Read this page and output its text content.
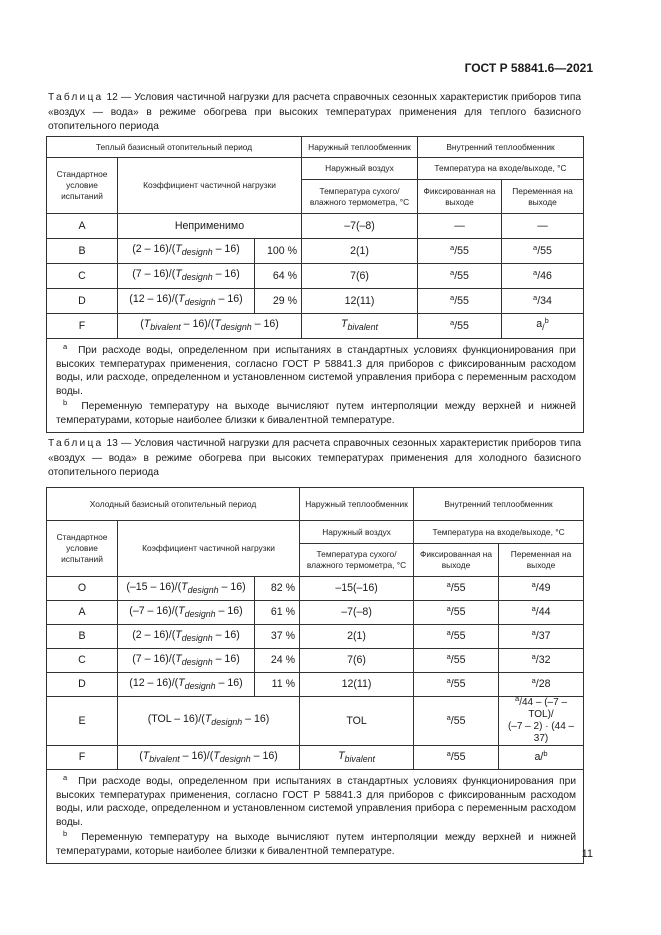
ГОСТ Р 58841.6—2021
Таблица 12 — Условия частичной нагрузки для расчета справочных сезонных характеристик приборов типа «воздух — вода» в режиме обогрева при высоких температурах применения для теплого базисного отопительного периода
Теплый базисный отопительный период			Наружный теплообменник	Внутренний теплообменник	
Стандартное условие испытаний	Коэффициент частичной нагрузки		Наружный воздух	Температура на входе/выходе, °C	
			Температура сухого/ влажного термометра, °C	Фиксированная на выходе	Переменная на выходе
A	Неприменимо		–7(–8)	—	—
B	$(2 - 16)/(T_{designh} - 16)$	100 %	2(1)	$^a$/55	$^a$/55
C	$(7 - 16)/(T_{designh} - 16)$	64 %	7(6)	$^a$/55	$^a$/46
D	$(12 - 16)/(T_{designh} - 16)$	29 %	12(11)	$^a$/55	$^a$/34
F	$(T_{bivalent} - 16)/(T_{designh} - 16)$		$T_{bivalent}$	$^a$/55	$a_/^b$

$^a$ При расходе воды, определенном при испытаниях в стандартных условиях функционирования при высоких температурах применения, согласно ГОСТ Р 58841.3 для приборов с фиксированным расходом воды, или расходе, определенном и установленном системой управления прибора с переменным расходом воды.

$^b$ Переменную температуру на выходе вычисляют путем интерполяции между верхней и нижней температурами, которые наиболее близки к бивалентной температуре.					

Таблица 13 — Условия частичной нагрузки для расчета справочных сезонных характеристик приборов типа «воздух — вода» в режиме обогрева при высоких температурах применения для холодного базисного отопительного периода
Холодный базисный отопительный период			Наружный теплообменник	Внутренний теплообменник	
Стандартное условие испытаний	Коэффициент частичной нагрузки		Наружный воздух	Температура на входе/выходе, °C	
			Температура сухого/ влажного термометра, °C	Фиксированная на выходе	Переменная на выходе
O	$(-15 - 16)/(T_{designh} - 16)$	82 %	–15(–16)	$^a$/55	$^a$/49
A	$(-7 - 16)/(T_{designh} - 16)$	61 %	–7(–8)	$^a$/55	$^a$/44
B	$(2 - 16)/(T_{designh} - 16)$	37 %	2(1)	$^a$/55	$^a$/37
C	$(7 - 16)/(T_{designh} - 16)$	24 %	7(6)	$^a$/55	$^a$/32
D	$(12 - 16)/(T_{designh} - 16)$	11 %	12(11)	$^a$/55	$^a$/28
E	$(TOL - 16)/(T_{designh} - 16)$		TOL	$^a$/55	$^a$/44 – (–7 – TOL)/
(–7 – 2) · (44 – 37)
F	$(T_{bivalent} - 16)/(T_{designh} - 16)$		$T_{bivalent}$	$^a$/55	a/$^b$

$^a$ При расходе воды, определенном при испытаниях в стандартных условиях функционирования при высоких температурах применения, согласно ГОСТ Р 58841.3 для приборов с фиксированным расходом воды, или расходе, определенном и установленном системой управления прибора с переменным расходом воды.

$^b$ Переменную температуру на выходе вычисляют путем интерполяции между верхней и нижней температурами, которые наиболее близки к бивалентной температуре.						11
